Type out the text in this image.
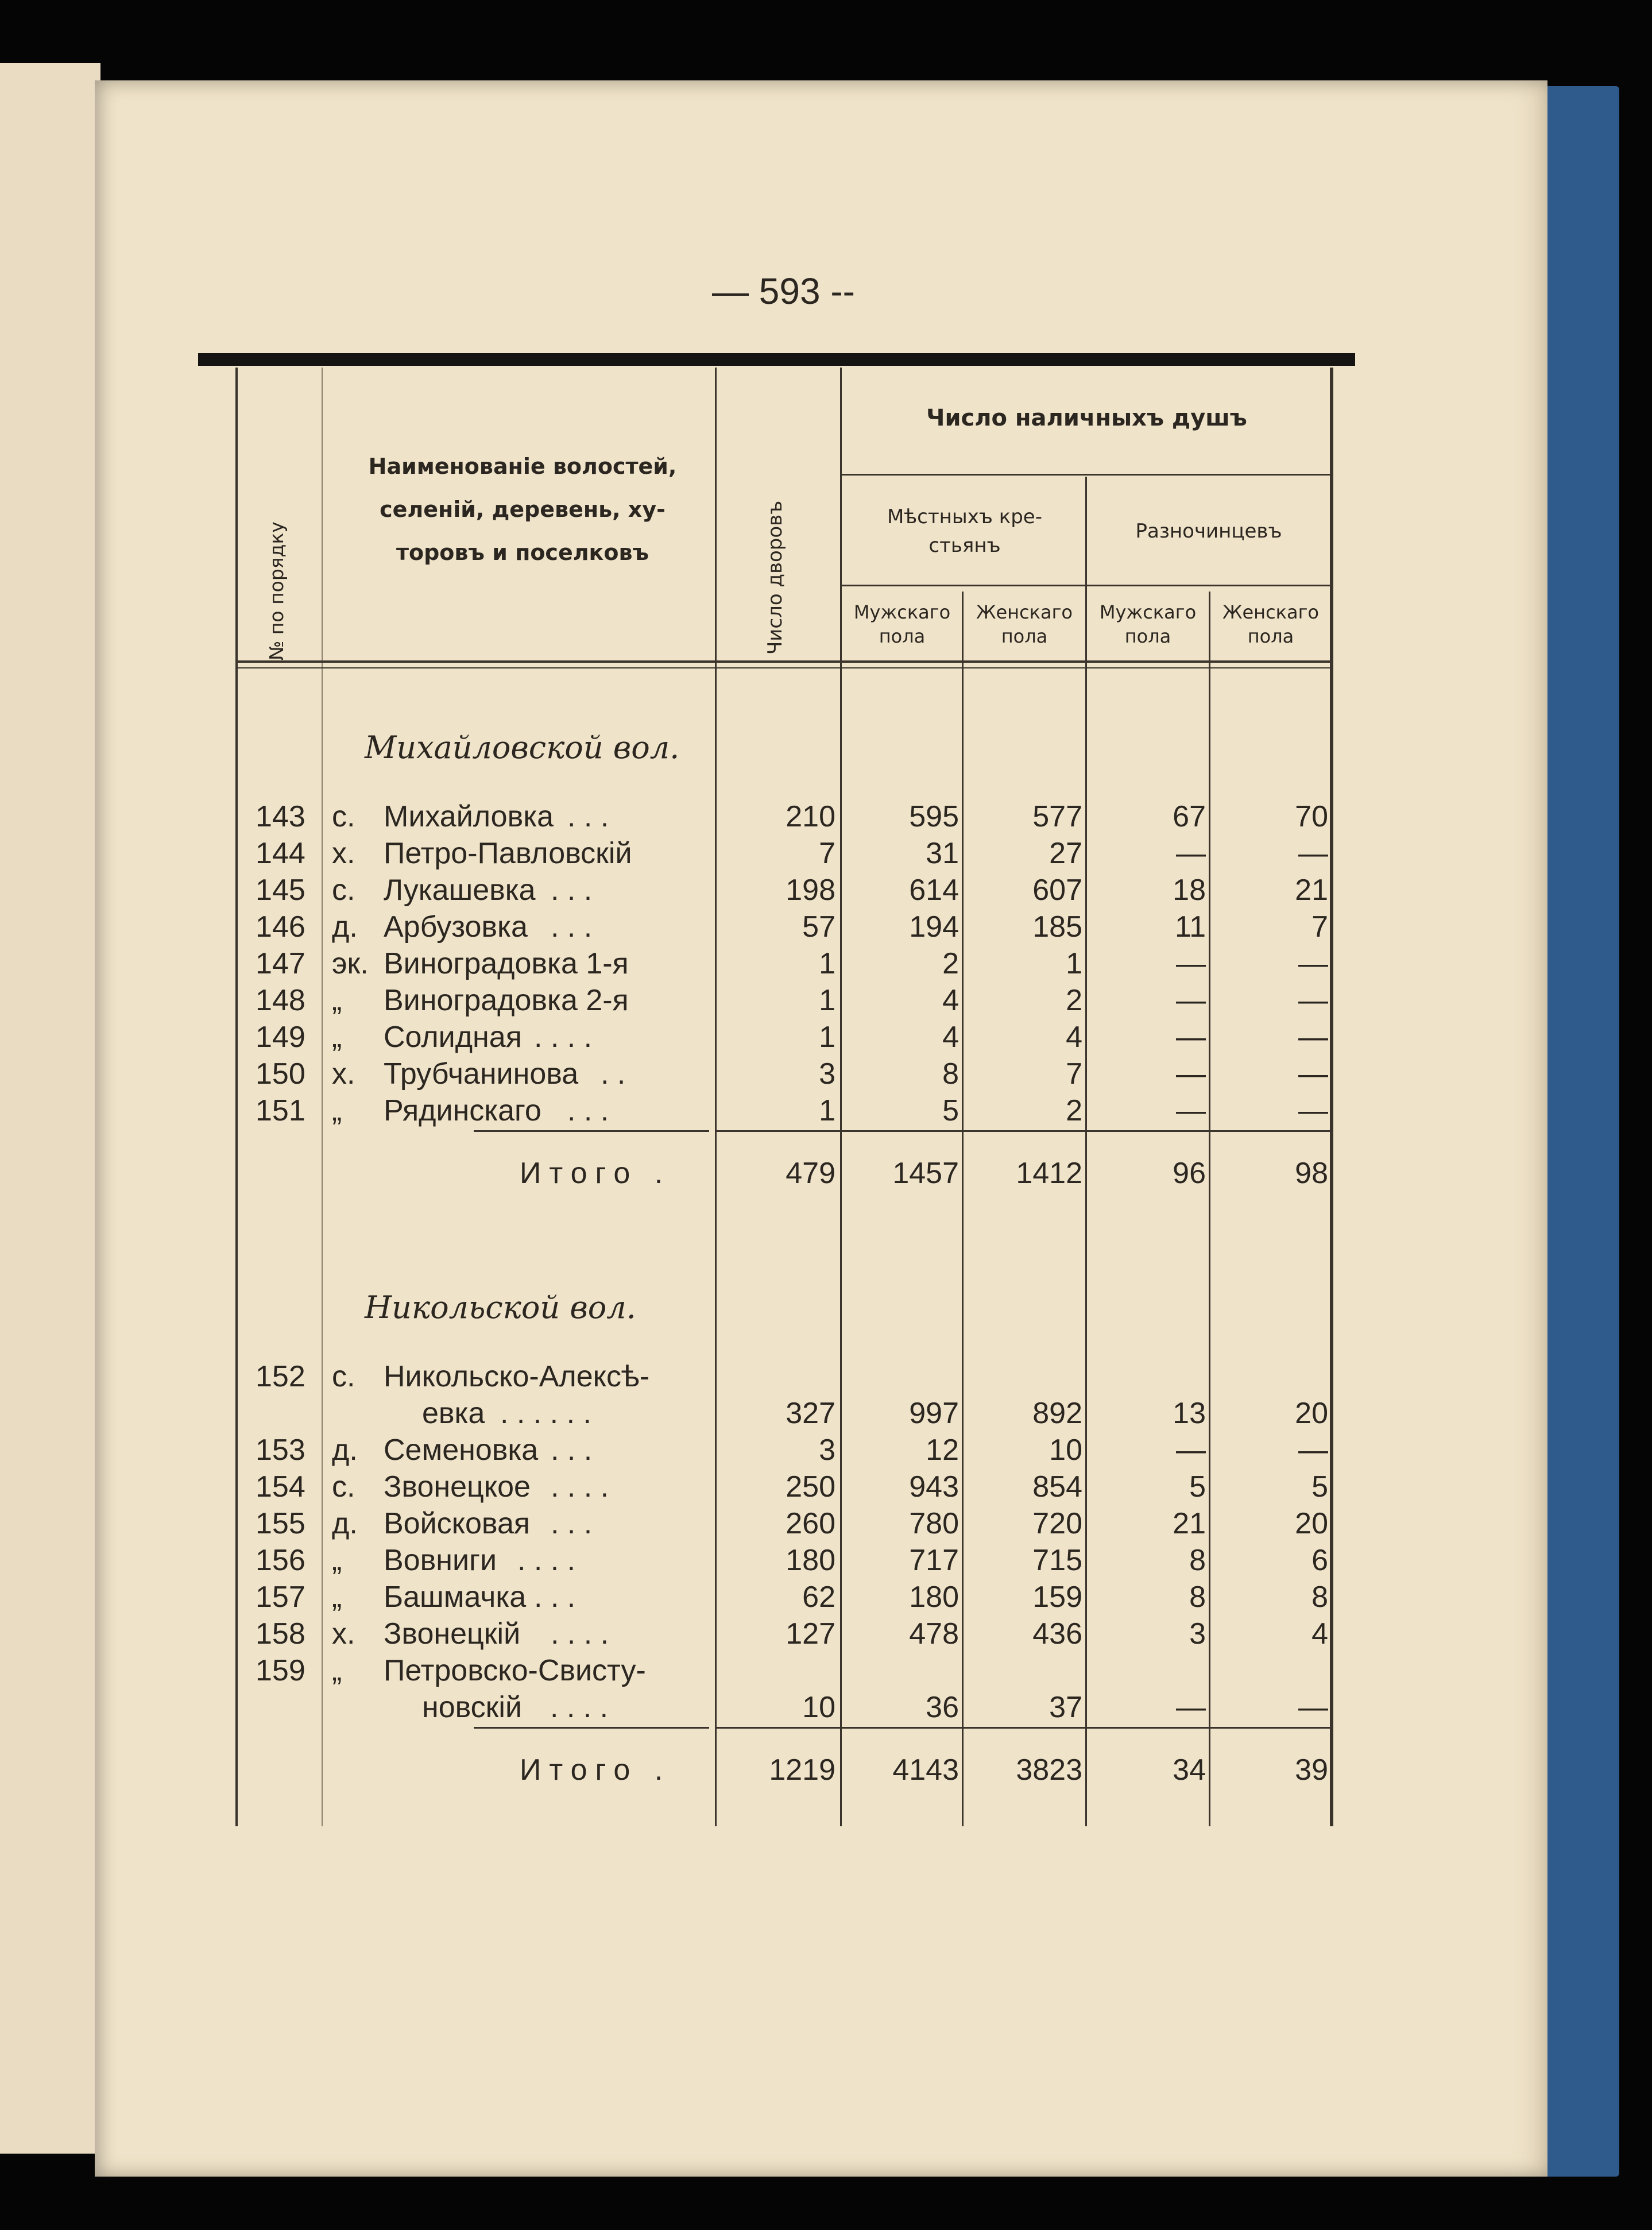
— 593 --
№ по порядку
Наименованіе волостей,
селеній, деревень, ху-
торовъ и поселковъ	Число дворовъ
Число наличныхъ душъ
Мѣстныхъ кре-
стьянъ
Разночинцевъ
Мужскаго
пола
Женскаго
пола
Мужскаго
пола
Женскаго
пола
Михайловской вол.
143 с. Михайловка . . .	210 595 577	67	70
144 х. Петро-Павловскій	7	31	27	—	—
145 с. Лукашевка . . .	198 614 607	18	21
146 д. Арбузовка . . .	57 194 185	11	7
147 эк. Виноградовка 1-я	1	2	1	—	—
148 „ Виноградовка 2-я	1	4	2	—	—
149 „ Солидная . . . .	1	4	4	—	—
150 х. Трубчанинова . .	3	8	7	—	—
151 „ Рядинскаго . . .	1	5	2	—	—
Итого .	479 1457 1412	96	98
Никольской вол.
152 с. Никольско-Алексѣ-
евка . . . . . .	327 997 892	13	20
153 д. Семеновка . . .	3	12	10	—	—
154 с. Звонецкое . . . .	250 943 854	5	5
155 д. Войсковая . . .	260 780 720	21	20
156 „ Вовниги . . . .	180 717 715	8	6
157 „ Башмачка . . .	62 180 159	8	8
158 х. Звонецкій . . . .	127 478 436	3	4
159 „ Петровско-Свисту-
новскій . . . .	10	36	37	—	—
Итого .	1219 4143 3823	34	39
